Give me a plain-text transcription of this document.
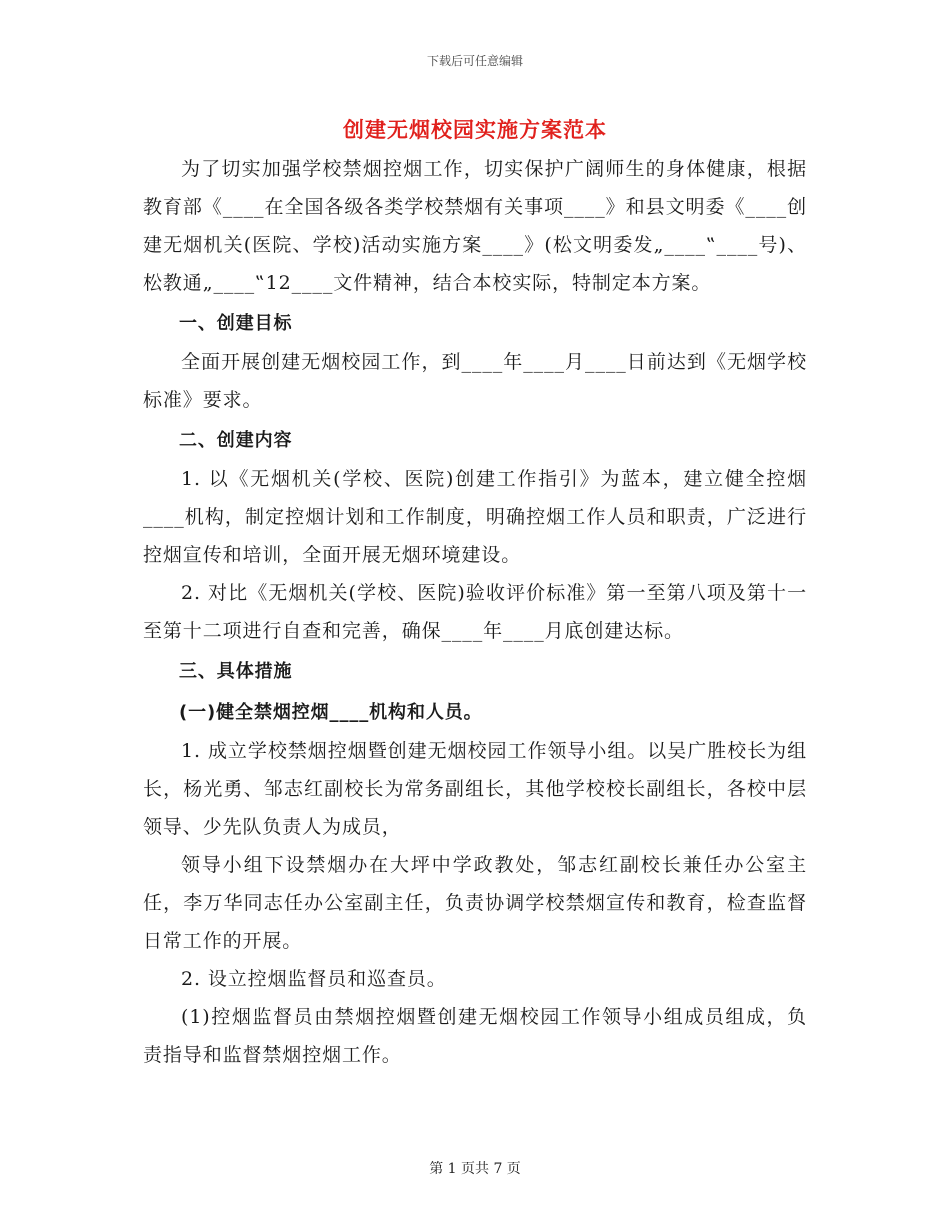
下载后可任意编辑
创建无烟校园实施方案范本

为了切实加强学校禁烟控烟工作，切实保护广阔师生的身体健康，根据教育部《____在全国各级各类学校禁烟有关事项____》和县文明委《____创建无烟机关(医院、学校)活动实施方案____》(松文明委发„____‟____号)、松教通„____‟12____文件精神，结合本校实际，特制定本方案。

一、创建目标

全面开展创建无烟校园工作，到____年____月____日前达到《无烟学校标准》要求。

二、创建内容

1. 以《无烟机关(学校、医院)创建工作指引》为蓝本，建立健全控烟____机构，制定控烟计划和工作制度，明确控烟工作人员和职责，广泛进行控烟宣传和培训，全面开展无烟环境建设。

2. 对比《无烟机关(学校、医院)验收评价标准》第一至第八项及第十一至第十二项进行自查和完善，确保____年____月底创建达标。

三、具体措施

(一)健全禁烟控烟____机构和人员。

1. 成立学校禁烟控烟暨创建无烟校园工作领导小组。以吴广胜校长为组长，杨光勇、邹志红副校长为常务副组长，其他学校校长副组长，各校中层领导、少先队负责人为成员，

领导小组下设禁烟办在大坪中学政教处，邹志红副校长兼任办公室主任，李万华同志任办公室副主任，负责协调学校禁烟宣传和教育，检查监督日常工作的开展。

2. 设立控烟监督员和巡查员。

(1)控烟监督员由禁烟控烟暨创建无烟校园工作领导小组成员组成，负责指导和监督禁烟控烟工作。

第 1 页共 7 页
